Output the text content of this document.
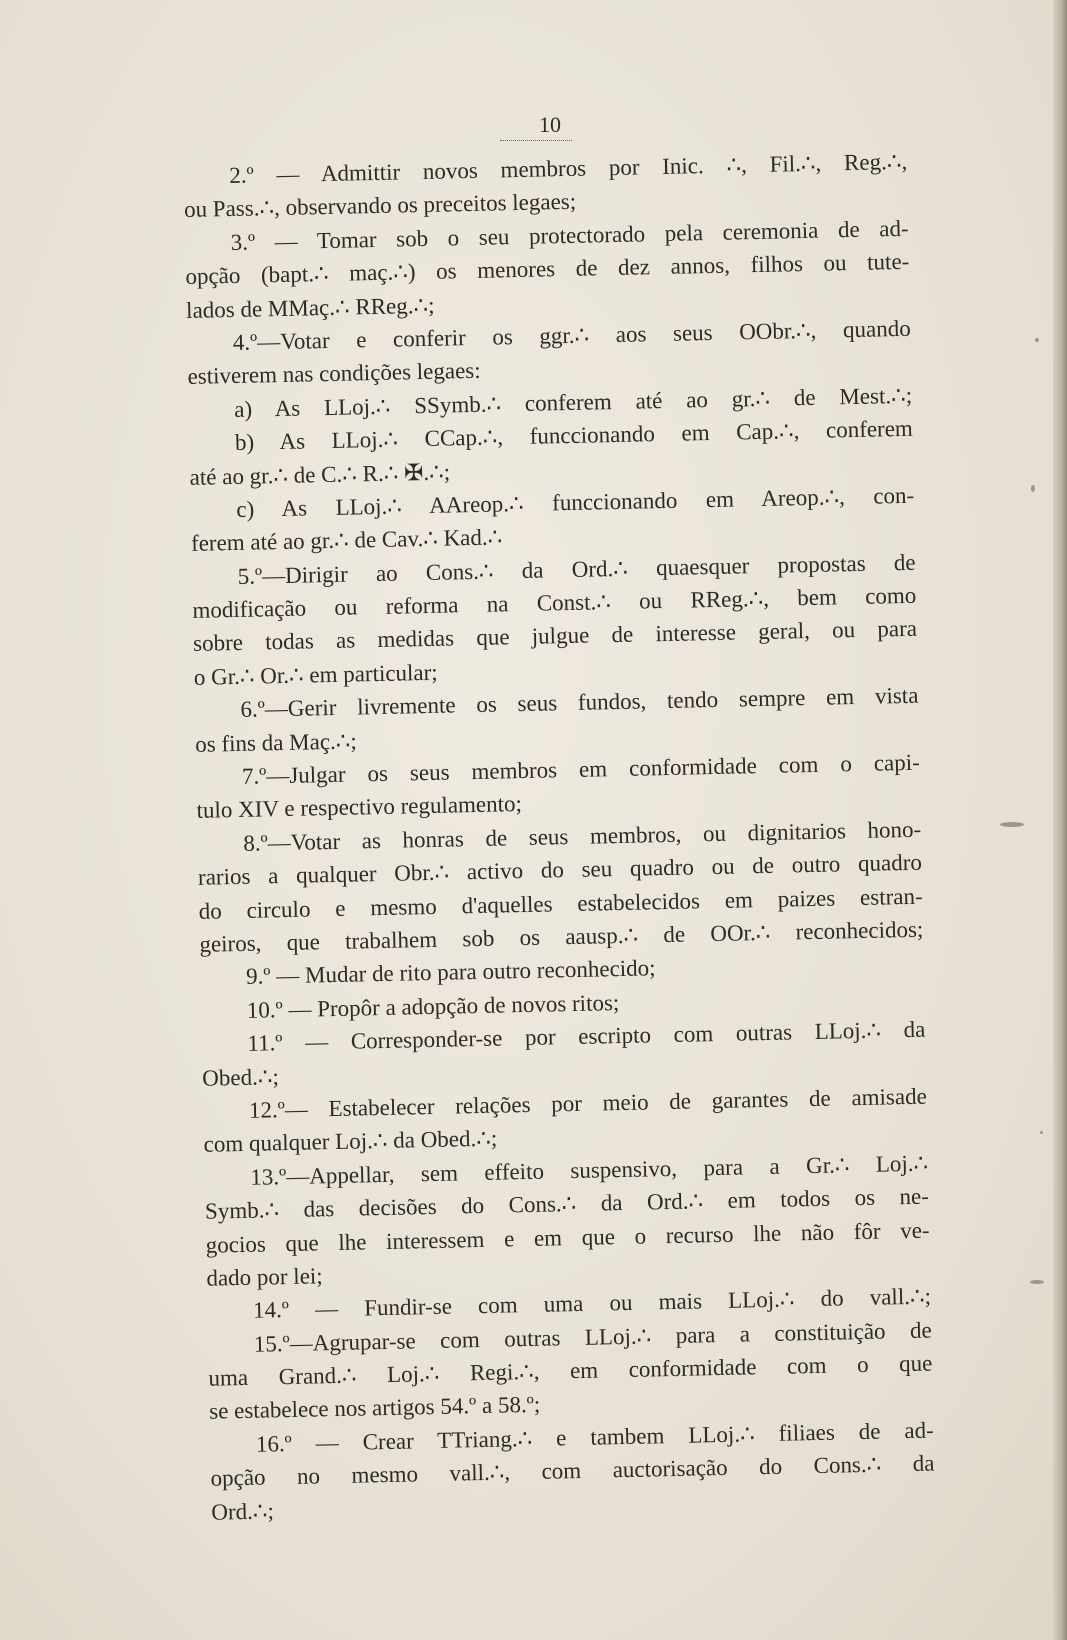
10
2.º — Admittir novos membros por Inic. ∴, Fil.∴, Reg.∴,
ou Pass.∴, observando os preceitos legaes;
3.º — Tomar sob o seu protectorado pela ceremonia de ad-
opção (bapt.∴ maç.∴) os menores de dez annos, filhos ou tute-
lados de MMaç.∴ RReg.∴;
4.º—Votar e conferir os ggr.∴ aos seus OObr.∴, quando
estiverem nas condições legaes:
a) As LLoj.∴ SSymb.∴ conferem até ao gr.∴ de Mest.∴;
b) As LLoj.∴ CCap.∴, funccionando em Cap.∴, conferem
até ao gr.∴ de C.∴ R.∴ ✠.∴;
c) As LLoj.∴ AAreop.∴ funccionando em Areop.∴, con-
ferem até ao gr.∴ de Cav.∴ Kad.∴
5.º—Dirigir ao Cons.∴ da Ord.∴ quaesquer propostas de
modificação ou reforma na Const.∴ ou RReg.∴, bem como
sobre todas as medidas que julgue de interesse geral, ou para
o Gr.∴ Or.∴ em particular;
6.º—Gerir livremente os seus fundos, tendo sempre em vista
os fins da Maç.∴;
7.º—Julgar os seus membros em conformidade com o capi-
tulo XIV e respectivo regulamento;
8.º—Votar as honras de seus membros, ou dignitarios hono-
rarios a qualquer Obr.∴ activo do seu quadro ou de outro quadro
do circulo e mesmo d'aquelles estabelecidos em paizes estran-
geiros, que trabalhem sob os aausp.∴ de OOr.∴ reconhecidos;
9.º — Mudar de rito para outro reconhecido;
10.º — Propôr a adopção de novos ritos;
11.º — Corresponder-se por escripto com outras LLoj.∴ da
Obed.∴;
12.º— Estabelecer relações por meio de garantes de amisade
com qualquer Loj.∴ da Obed.∴;
13.º—Appellar, sem effeito suspensivo, para a Gr.∴ Loj.∴
Symb.∴ das decisões do Cons.∴ da Ord.∴ em todos os ne-
gocios que lhe interessem e em que o recurso lhe não fôr ve-
dado por lei;
14.º — Fundir-se com uma ou mais LLoj.∴ do vall.∴;
15.º—Agrupar-se com outras LLoj.∴ para a constituição de
uma Grand.∴ Loj.∴ Regi.∴, em conformidade com o que
se estabelece nos artigos 54.º a 58.º;
16.º — Crear TTriang.∴ e tambem LLoj.∴ filiaes de ad-
opção no mesmo vall.∴, com auctorisação do Cons.∴ da
Ord.∴;
